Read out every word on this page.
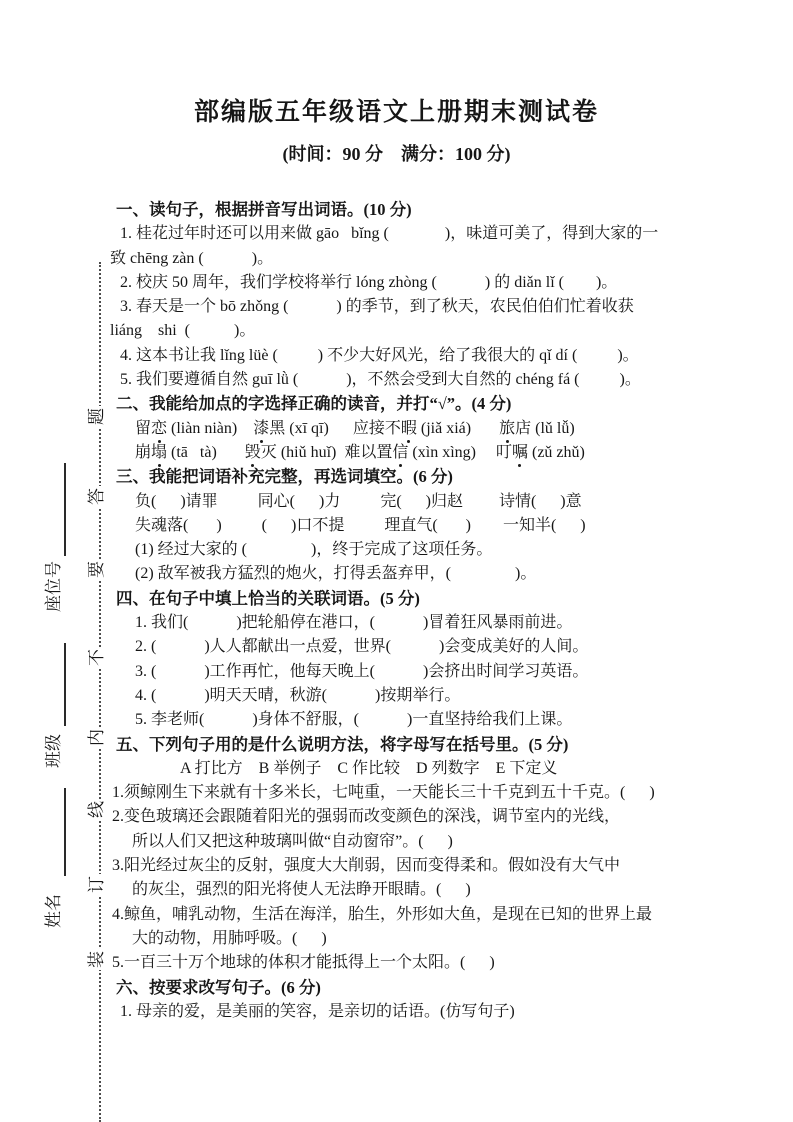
部编版五年级语文上册期末测试卷
(时间：90 分　满分：100 分)
题
答
要
不
内
线
订
装
座位号
班级
姓名
一、读句子，根据拼音写出词语。(10 分)
1. 桂花过年时还可以用来做 gāo   bǐng (              )，味道可美了，得到大家的一
致 chēng zàn (            )。
2. 校庆 50 周年，我们学校将举行 lóng zhòng (            ) 的 diǎn lǐ (        )。
3. 春天是一个 bō zhǒng (            ) 的季节，到了秋天，农民伯伯们忙着收获
liáng    shi  (           )。
4. 这本书让我 lǐng lüè (          ) 不少大好风光，给了我很大的 qǐ dí (          )。
5. 我们要遵循自然 guī lǜ (            )，不然会受到大自然的 chéng fá (          )。
二、我能给加点的字选择正确的读音，并打“√”。(4 分)
留恋 (liàn niàn)    漆黑 (xī qī)      应接不暇 (jiǎ xiá)       旅店 (lǔ lǚ)
崩塌 (tā   tà)       毁灭 (hiǔ huǐ)  难以置信 (xìn xìng)     叮嘱 (zǔ zhǔ)
三、我能把词语补充完整，再选词填空。(6 分)
负(      )请罪          同心(      )力          完(      )归赵         诗情(      )意
失魂落(       )          (      )口不提          理直气(       )        一知半(      )
(1) 经过大家的 (                )，终于完成了这项任务。
(2) 敌军被我方猛烈的炮火，打得丢盔弃甲，(                )。
四、在句子中填上恰当的关联词语。(5 分)
1. 我们(            )把轮船停在港口，(            )冒着狂风暴雨前进。
2. (            )人人都献出一点爱，世界(            )会变成美好的人间。
3. (            )工作再忙，他每天晚上(            )会挤出时间学习英语。
4. (            )明天天晴，秋游(            )按期举行。
5. 李老师(            )身体不舒服，(            )一直坚持给我们上课。
五、下列句子用的是什么说明方法，将字母写在括号里。(5 分)
A 打比方    B 举例子    C 作比较    D 列数字    E 下定义
1.须鲸刚生下来就有十多米长，七吨重，一天能长三十千克到五十千克。(      )
2.变色玻璃还会跟随着阳光的强弱而改变颜色的深浅，调节室内的光线，
所以人们又把这种玻璃叫做“自动窗帘”。(      )
3.阳光经过灰尘的反射，强度大大削弱，因而变得柔和。假如没有大气中
的灰尘，强烈的阳光将使人无法睁开眼睛。(      )
4.鲸鱼，哺乳动物，生活在海洋，胎生，外形如大鱼，是现在已知的世界上最
大的动物，用肺呼吸。(      )
5.一百三十万个地球的体积才能抵得上一个太阳。(      )
六、按要求改写句子。(6 分)
1. 母亲的爱，是美丽的笑容，是亲切的话语。(仿写句子)
